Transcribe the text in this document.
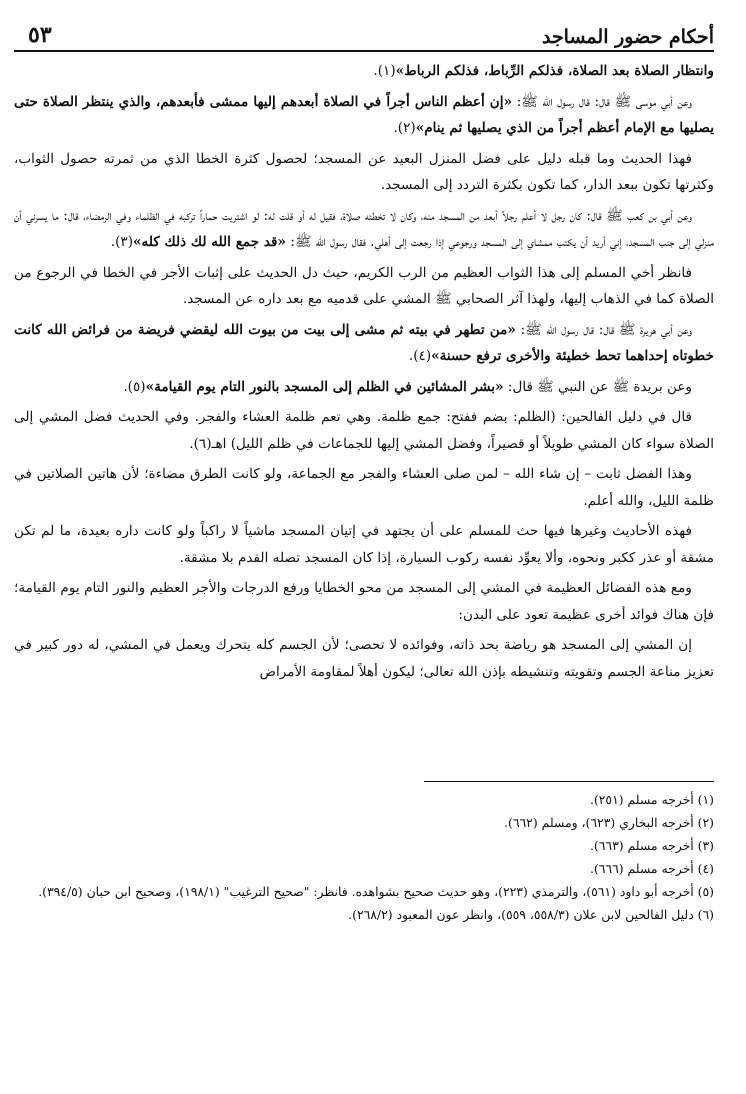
أحكام حضور المساجد
٥٣

وانتظار الصلاة بعد الصلاة، فذلكم الرِّباط، فذلكم الرباط»(١).

وعن أبي موسى ﷺ قال: قال رسول الله ﷺ: «إن أعظم الناس أجراً في الصلاة أبعدهم إليها ممشى فأبعدهم، والذي ينتظر الصلاة حتى يصليها مع الإمام أعظم أجراً من الذي يصليها ثم ينام»(٢).

فهذا الحديث وما قبله دليل على فضل المنزل البعيد عن المسجد؛ لحصول كثرة الخطا الذي من ثمرته حصول الثواب، وكثرتها تكون ببعد الدار، كما تكون بكثرة التردد إلى المسجد.

وعن أبي بن كعب ﷺ قال: كان رجل لا أعلم رجلاً أبعد من المسجد منه، وكان لا تخطئه صلاة، فقيل له أو قلت له: لو اشتريت حماراً تركبه في الظلماء وفي الرمضاء، قال: ما يسرني أن منزلي إلى جنب المسجد، إني أريد أن يكتب ممشاي إلى المسجد ورجوعي إذا رجعت إلى أهلي. فقال رسول الله ﷺ: «قد جمع الله لك ذلك كله»(٣).

فانظر أخي المسلم إلى هذا الثواب العظيم من الرب الكريم، حيث دل الحديث على إثبات الأجر في الخطا في الرجوع من الصلاة كما في الذهاب إليها، ولهذا آثر الصحابي ﷺ المشي على قدميه مع بعد داره عن المسجد.

وعن أبي هريرة ﷺ قال: قال رسول الله ﷺ: «من تطهر في بيته ثم مشى إلى بيت من بيوت الله ليقضي فريضة من فرائض الله كانت خطوتاه إحداهما تحط خطيئة والأخرى ترفع حسنة»(٤).

وعن بريدة ﷺ عن النبي ﷺ قال: «بشر المشائين في الظلم إلى المسجد بالنور التام يوم القيامة»(٥).

قال في دليل الفالحين: (الظلم: بضم ففتح: جمع ظلمة. وهي تعم ظلمة العشاء والفجر. وفي الحديث فضل المشي إلى الصلاة سواء كان المشي طويلاً أو قصيراً، وفضل المشي إليها للجماعات في ظلم الليل) اهـ(٦).

وهذا الفضل ثابت – إن شاء الله – لمن صلى العشاء والفجر مع الجماعة، ولو كانت الطرق مضاءة؛ لأن هاتين الصلاتين في ظلمة الليل، والله أعلم.

فهذه الأحاديث وغيرها فيها حث للمسلم على أن يجتهد في إتيان المسجد ماشياً لا راكباً ولو كانت داره بعيدة، ما لم تكن مشقة أو عذر ككبر ونحوه، وألا يعوِّد نفسه ركوب السيارة، إذا كان المسجد تصله القدم بلا مشقة.

ومع هذه الفضائل العظيمة في المشي إلى المسجد من محو الخطايا ورفع الدرجات والأجر العظيم والنور التام يوم القيامة؛ فإن هناك فوائد أخرى عظيمة تعود على البدن:

إن المشي إلى المسجد هو رياضة بحد ذاته، وفوائده لا تحصى؛ لأن الجسم كله يتحرك ويعمل في المشي، له دور كبير في تعزيز مناعة الجسم وتقويته وتنشيطه بإذن الله تعالى؛ ليكون أهلاً لمقاومة الأمراض

(١) أخرجه مسلم (٢٥١).

(٢) أخرجه البخاري (٦٢٣)، ومسلم (٦٦٢).

(٣) أخرجه مسلم (٦٦٣).

(٤) أخرجه مسلم (٦٦٦).

(٥) أخرجه أبو داود (٥٦١)، والترمذي (٢٢٣)، وهو حديث صحيح بشواهده. فانظر: "صحيح الترغيب" (١٩٨/١)، وصحيح ابن حبان (٣٩٤/٥).

(٦) دليل الفالحين لابن علان (٥٥٨/٣، ٥٥٩)، وانظر عون المعبود (٢٦٨/٢).
